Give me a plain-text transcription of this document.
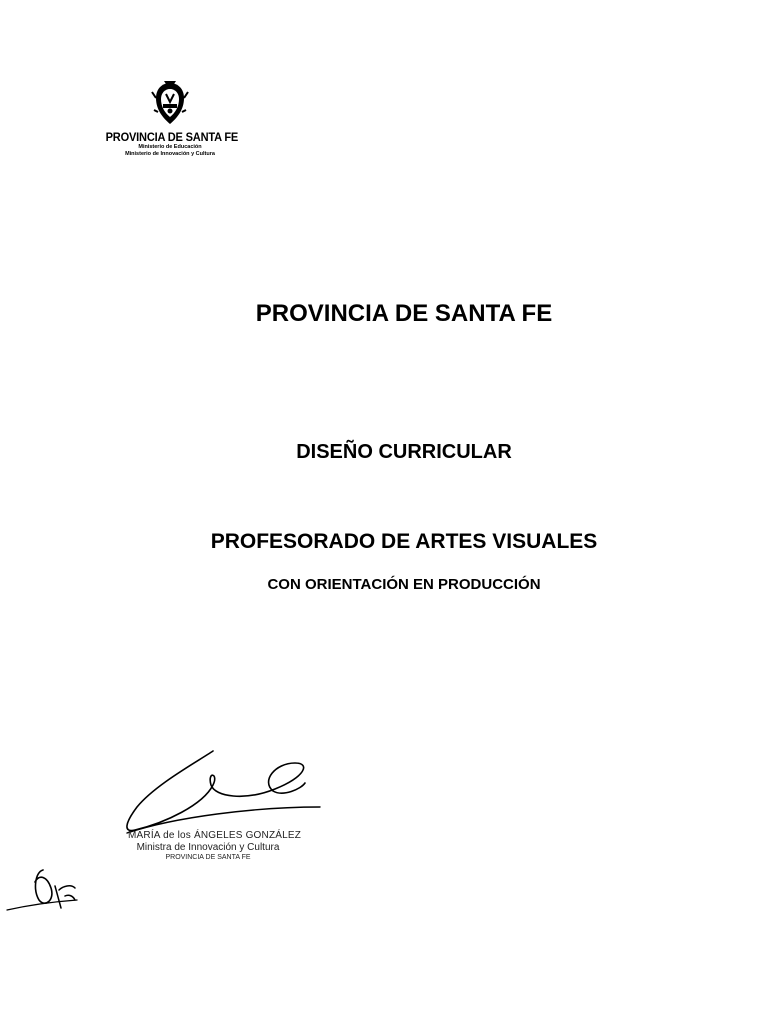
PROVINCIA DE SANTA FE
Ministerio de Educación
Ministerio de Innovación y Cultura
PROVINCIA DE SANTA FE
DISEÑO CURRICULAR
PROFESORADO DE ARTES VISUALES
CON ORIENTACIÓN EN PRODUCCIÓN
MARÍA de los ÁNGELES GONZÁLEZ
Ministra de Innovación y Cultura
PROVINCIA DE SANTA FE
